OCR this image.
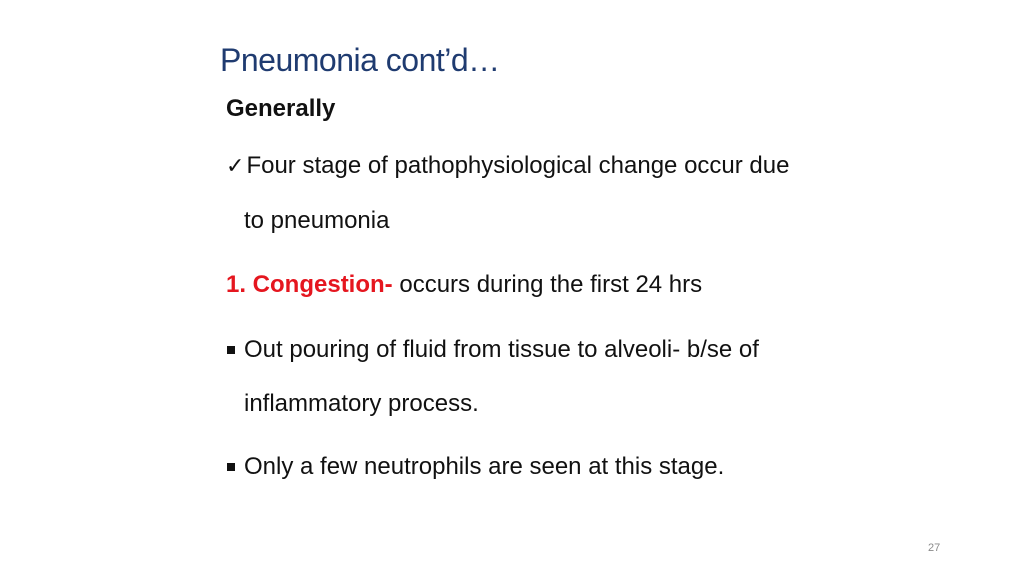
Pneumonia cont’d…
Generally
✓Four stage of pathophysiological change occur due
to pneumonia
1. Congestion- occurs during the first 24 hrs
Out pouring of fluid from tissue to alveoli- b/se of
inflammatory process.
Only a few neutrophils are seen at this stage.
27
